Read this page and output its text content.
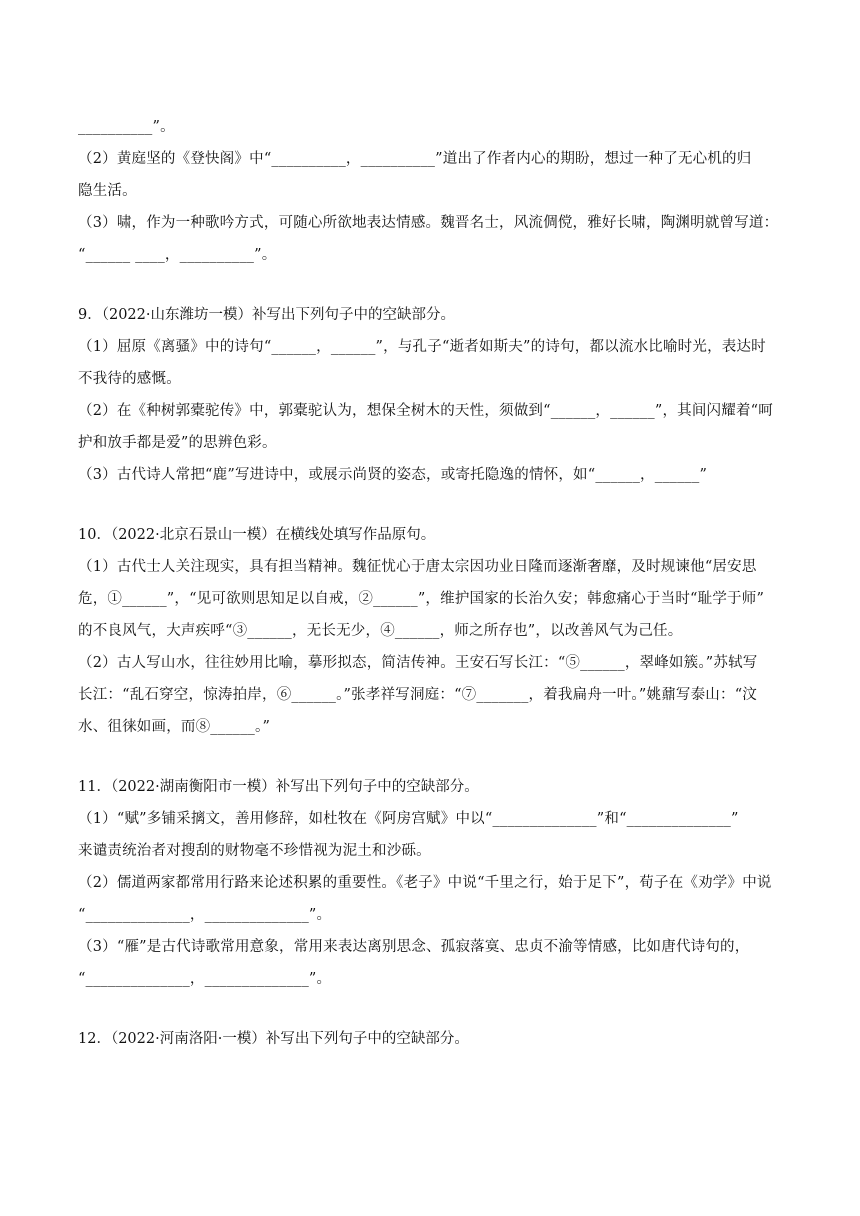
__________”。
（2）黄庭坚的《登快阁》中“__________，__________”道出了作者内心的期盼，想过一种了无心机的归
隐生活。
（3）啸，作为一种歌吟方式，可随心所欲地表达情感。魏晋名士，风流倜傥，雅好长啸，陶渊明就曾写道：
“______ ____，__________”。
9．（2022·山东潍坊一模）补写出下列句子中的空缺部分。
（1）屈原《离骚》中的诗句“______，______”，与孔子“逝者如斯夫”的诗句，都以流水比喻时光，表达时
不我待的感慨。
（2）在《种树郭橐驼传》中，郭橐驼认为，想保全树木的天性，须做到“______，______”，其间闪耀着“呵
护和放手都是爱”的思辨色彩。
（3）古代诗人常把“鹿”写进诗中，或展示尚贤的姿态，或寄托隐逸的情怀，如“______，______”
10．（2022·北京石景山一模）在横线处填写作品原句。
（1）古代士人关注现实，具有担当精神。魏征忧心于唐太宗因功业日隆而逐渐奢靡，及时规谏他“居安思
危，①______”，“见可欲则思知足以自戒，②______”，维护国家的长治久安；韩愈痛心于当时“耻学于师”
的不良风气，大声疾呼“③______，无长无少，④______，师之所存也”，以改善风气为己任。
（2）古人写山水，往往妙用比喻，摹形拟态，简洁传神。王安石写长江：“⑤______，翠峰如簇。”苏轼写
长江：“乱石穿空，惊涛拍岸，⑥______。”张孝祥写洞庭：“⑦_______，着我扁舟一叶。”姚鼐写泰山：“汶
水、徂徕如画，而⑧______。”
11．（2022·湖南衡阳市一模）补写出下列句子中的空缺部分。
（1）“赋”多铺采摛文，善用修辞，如杜牧在《阿房宫赋》中以“______________”和“______________”
来谴责统治者对搜刮的财物毫不珍惜视为泥土和沙砾。
（2）儒道两家都常用行路来论述积累的重要性。《老子》中说“千里之行，始于足下”，荀子在《劝学》中说
“______________，______________”。
（3）“雁”是古代诗歌常用意象，常用来表达离别思念、孤寂落寞、忠贞不渝等情感，比如唐代诗句的，
“______________，______________”。
12．（2022·河南洛阳·一模）补写出下列句子中的空缺部分。
